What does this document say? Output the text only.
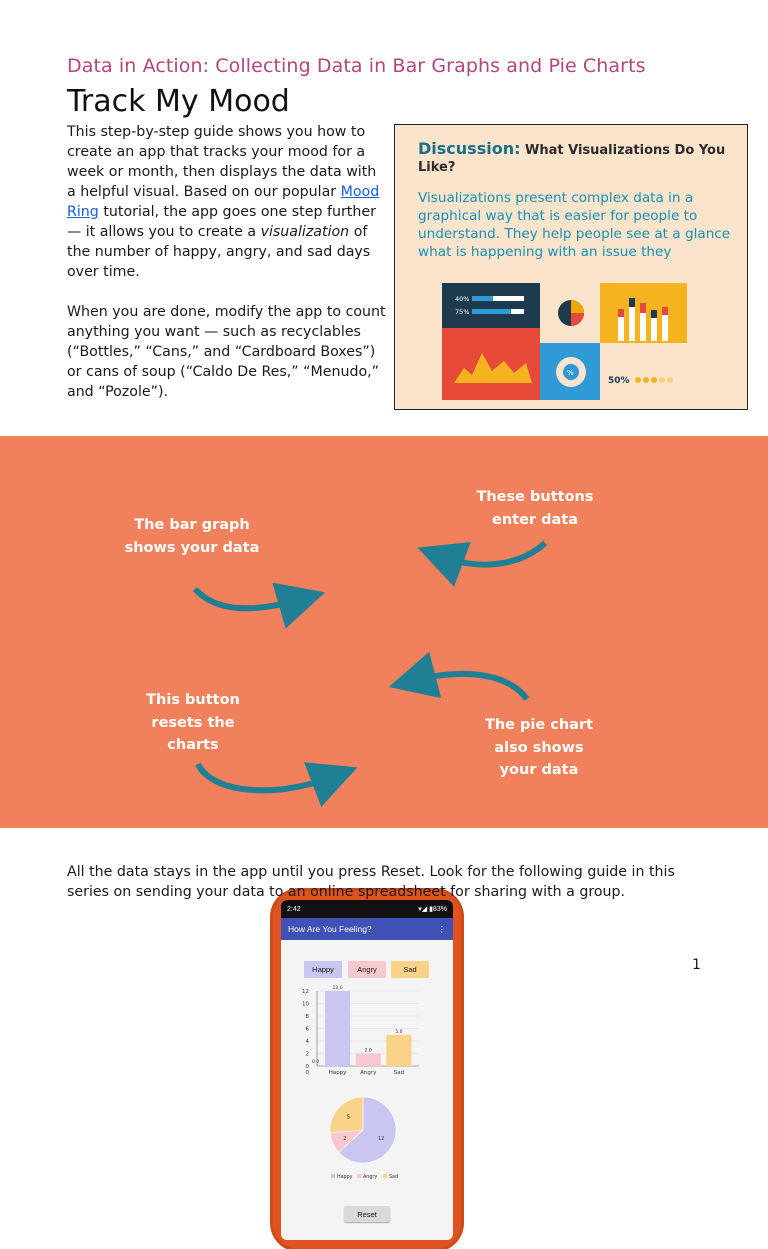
Data in Action: Collecting Data in Bar Graphs and Pie Charts
Track My Mood
This step-by-step guide shows you how to create an app that tracks your mood for a week or month, then displays the data with a helpful visual. Based on our popular Mood Ring tutorial, the app goes one step further — it allows you to create a visualization of the number of happy, angry, and sad days over time.
When you are done, modify the app to count anything you want — such as recyclables (“Bottles,” “Cans,” and “Cardboard Boxes”) or cans of soup (“Caldo De Res,” “Menudo,” and “Pozole”).
Discussion: What Visualizations Do You Like?
Visualizations present complex data in a graphical way that is easier for people to understand. They help people see at a glance what is happening with an issue they
40%
75%
%
50%
The bar graph shows your data
These buttons enter data
This button resets the charts
The pie chart also shows your data
2:42	▾◢ ▮83%
How Are You Feeling?	⋮
Happy	Angry	Sad
0
2
4
6
8
10
12
0
0.0
12.0
Happy
2.0
Angry
5.0
Sad
12
2
5
Happy Angry Sad
Reset
All the data stays in the app until you press Reset. Look for the following guide in this series on sending your data to an online spreadsheet for sharing with a group.
1
